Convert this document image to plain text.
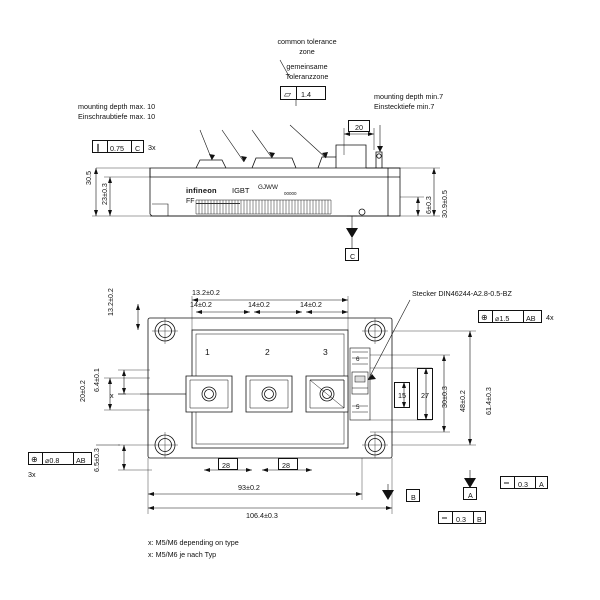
common tolerance
zone
gemeinsame
Toleranzzone
▱ 1.4
mounting depth max. 10
Einschraubtiefe max. 10
mounting depth min.7
Einstecktiefe min.7
20
∥ 0.75 C 3x
30.5
23±0.3
6±0.3 30.9±0.5
infineon IGBT GJWW
00000
FF
C
13.2±0.2
13.2±0.2	14±0.2	14±0.2	14±0.2
6.4±0.1
20±0.2	x
6.5±0.3	28	28
93±0.2
106.4±0.3
15 27 30±0.3 48±0.2 61.4±0.3
1	2	3
6
5
Stecker DIN46244-A2.8-0.5-BZ
⊕ ⌀1.5 AB 4x
⊕ ⌀0.8 AB
3x
A
B
═ 0.3 A
═ 0.3 B
x: M5/M6 depending on type
x: M5/M6 je nach Typ
